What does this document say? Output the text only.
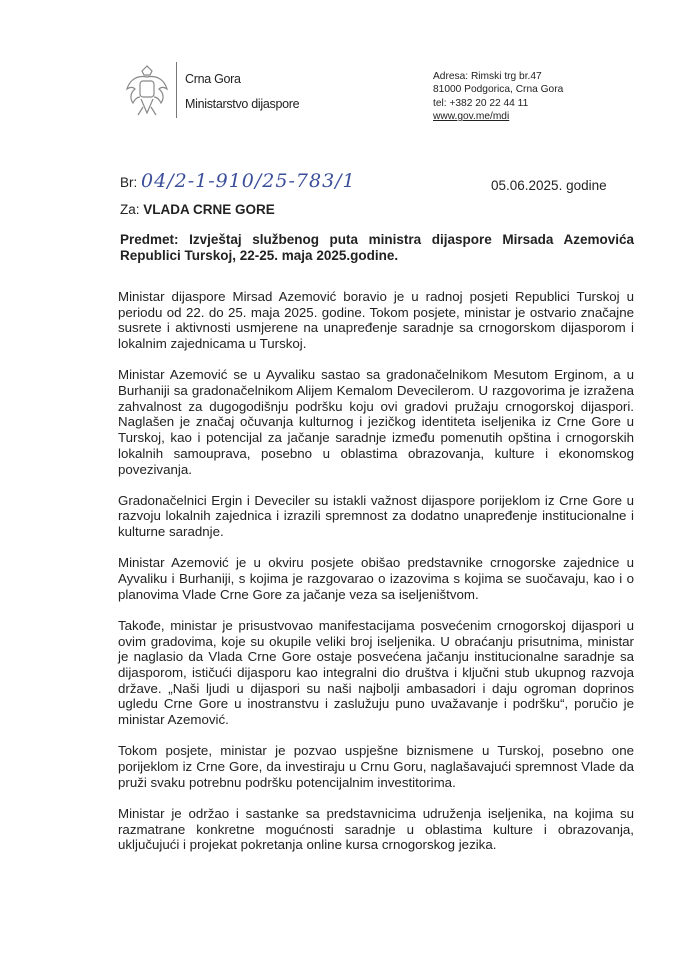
Crna Gora
Ministarstvo dijaspore
Adresa: Rimski trg br.47
81000 Podgorica, Crna Gora
tel: +382 20 22 44 11
www.gov.me/mdi
Br: 04/2-1-910/25-783/1	05.06.2025. godine
Za: VLADA CRNE GORE
Predmet: Izvještaj službenog puta ministra dijaspore Mirsada Azemovića Republici Turskoj, 22-25. maja 2025.godine.

Ministar dijaspore Mirsad Azemović boravio je u radnoj posjeti Republici Turskoj u periodu od 22. do 25. maja 2025. godine. Tokom posjete, ministar je ostvario značajne susrete i aktivnosti usmjerene na unapređenje saradnje sa crnogorskom dijasporom i lokalnim zajednicama u Turskoj.

Ministar Azemović se u Ayvaliku sastao sa gradonačelnikom Mesutom Erginom, a u Burhaniji sa gradonačelnikom Alijem Kemalom Devecilerom. U razgovorima je izražena zahvalnost za dugogodišnju podršku koju ovi gradovi pružaju crnogorskoj dijaspori. Naglašen je značaj očuvanja kulturnog i jezičkog identiteta iseljenika iz Crne Gore u Turskoj, kao i potencijal za jačanje saradnje između pomenutih opština i crnogorskih lokalnih samouprava, posebno u oblastima obrazovanja, kulture i ekonomskog povezivanja.

Gradonačelnici Ergin i Deveciler su istakli važnost dijaspore porijeklom iz Crne Gore u razvoju lokalnih zajednica i izrazili spremnost za dodatno unapređenje institucionalne i kulturne saradnje.

Ministar Azemović je u okviru posjete obišao predstavnike crnogorske zajednice u Ayvaliku i Burhaniji, s kojima je razgovarao o izazovima s kojima se suočavaju, kao i o planovima Vlade Crne Gore za jačanje veza sa iseljeništvom.

Takođe, ministar je prisustvovao manifestacijama posvećenim crnogorskoj dijaspori u ovim gradovima, koje su okupile veliki broj iseljenika. U obraćanju prisutnima, ministar je naglasio da Vlada Crne Gore ostaje posvećena jačanju institucionalne saradnje sa dijasporom, ističući dijasporu kao integralni dio društva i ključni stub ukupnog razvoja države. „Naši ljudi u dijaspori su naši najbolji ambasadori i daju ogroman doprinos ugledu Crne Gore u inostranstvu i zaslužuju puno uvažavanje i podršku“, poručio je ministar Azemović.

Tokom posjete, ministar je pozvao uspješne biznismene u Turskoj, posebno one porijeklom iz Crne Gore, da investiraju u Crnu Goru, naglašavajući spremnost Vlade da pruži svaku potrebnu podršku potencijalnim investitorima.

Ministar je održao i sastanke sa predstavnicima udruženja iseljenika, na kojima su razmatrane konkretne mogućnosti saradnje u oblastima kulture i obrazovanja, uključujući i projekat pokretanja online kursa crnogorskog jezika.
